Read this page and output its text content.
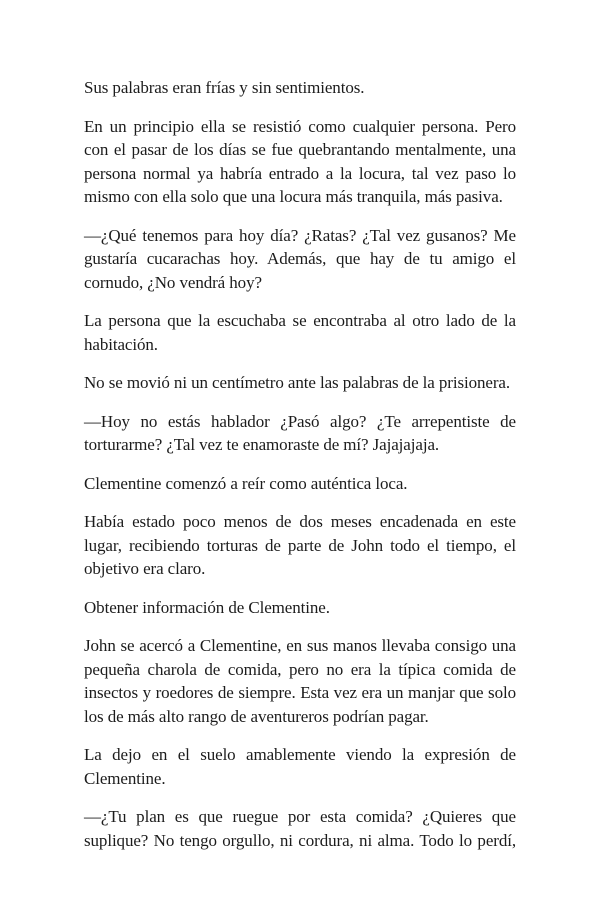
Sus palabras eran frías y sin sentimientos.

En un principio ella se resistió como cualquier persona. Pero con el pasar de los días se fue quebrantando mentalmente, una persona normal ya habría entrado a la locura, tal vez paso lo mismo con ella solo que una locura más tranquila, más pasiva.

—¿Qué tenemos para hoy día? ¿Ratas? ¿Tal vez gusanos? Me gustaría cucarachas hoy. Además, que hay de tu amigo el cornudo, ¿No vendrá hoy?

La persona que la escuchaba se encontraba al otro lado de la habitación.

No se movió ni un centímetro ante las palabras de la prisionera.

—Hoy no estás hablador ¿Pasó algo? ¿Te arrepentiste de torturarme? ¿Tal vez te enamoraste de mí? Jajajajaja.

Clementine comenzó a reír como auténtica loca.

Había estado poco menos de dos meses encadenada en este lugar, recibiendo torturas de parte de John todo el tiempo, el objetivo era claro.

Obtener información de Clementine.

John se acercó a Clementine, en sus manos llevaba consigo una pequeña charola de comida, pero no era la típica comida de insectos y roedores de siempre. Esta vez era un manjar que solo los de más alto rango de aventureros podrían pagar.

La dejo en el suelo amablemente viendo la expresión de Clementine.

—¿Tu plan es que ruegue por esta comida? ¿Quieres que suplique? No tengo orgullo, ni cordura, ni alma. Todo lo perdí,
